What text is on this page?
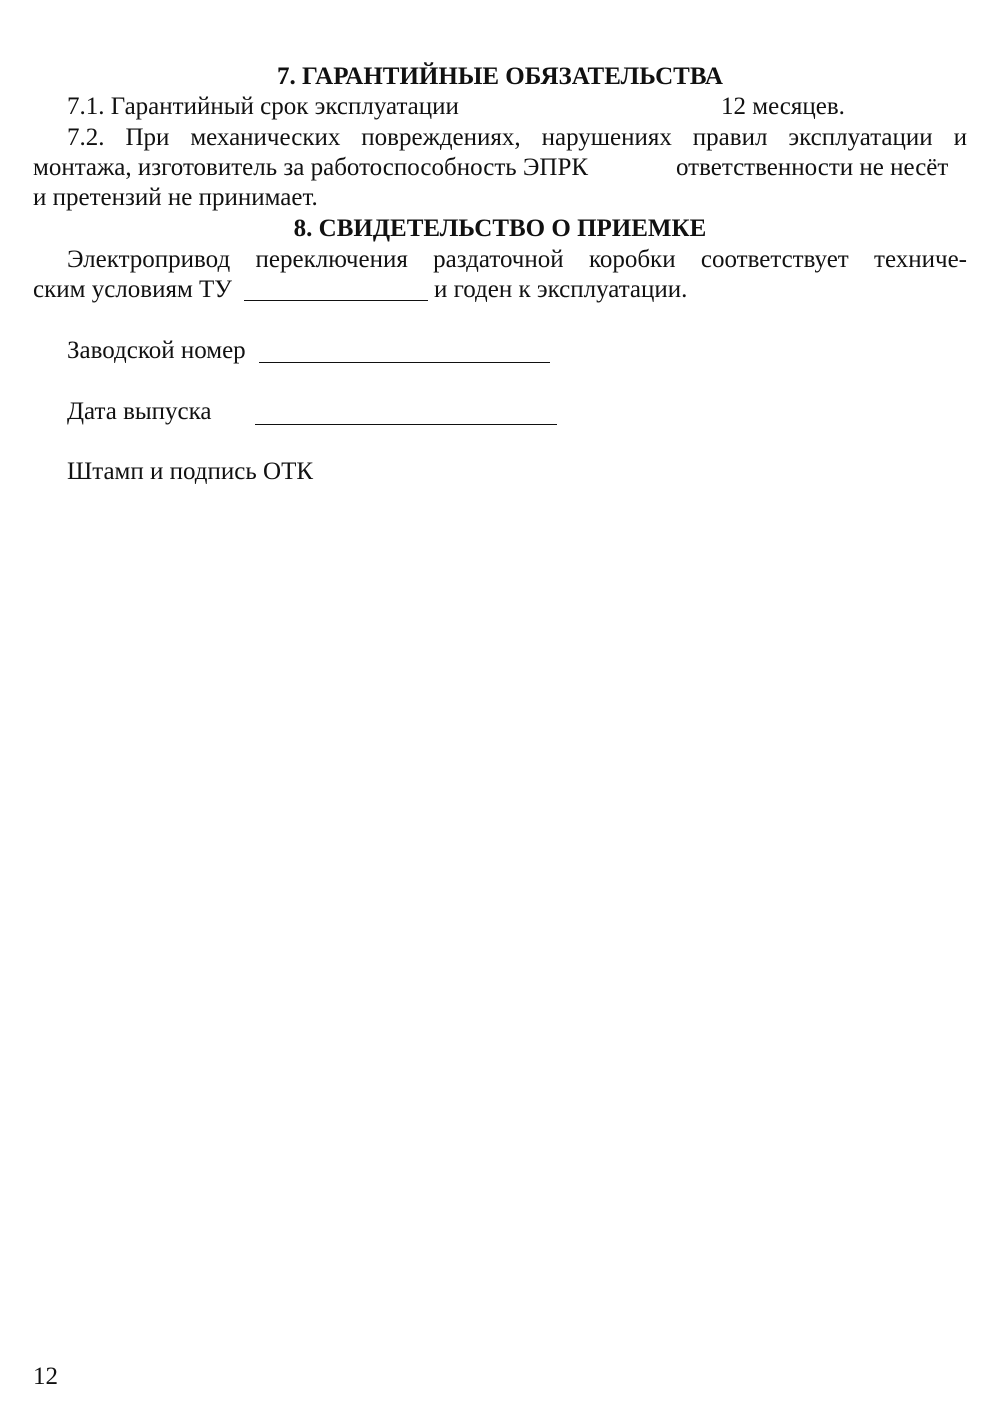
7. ГАРАНТИЙНЫЕ ОБЯЗАТЕЛЬСТВА
7.1. Гарантийный срок эксплуатации	12 месяцев.
7.2. При механических повреждениях, нарушениях правил эксплуатации и
монтажа, изготовитель за работоспособность ЭПРК	ответственности не несёт
и претензий не принимает.
8. СВИДЕТЕЛЬСТВО О ПРИЕМКЕ
Электропривод переключения раздаточной коробки соответствует техниче-
ским условиям ТУ	и годен к эксплуатации.
Заводской номер
Дата выпуска
Штамп и подпись ОТК
12
